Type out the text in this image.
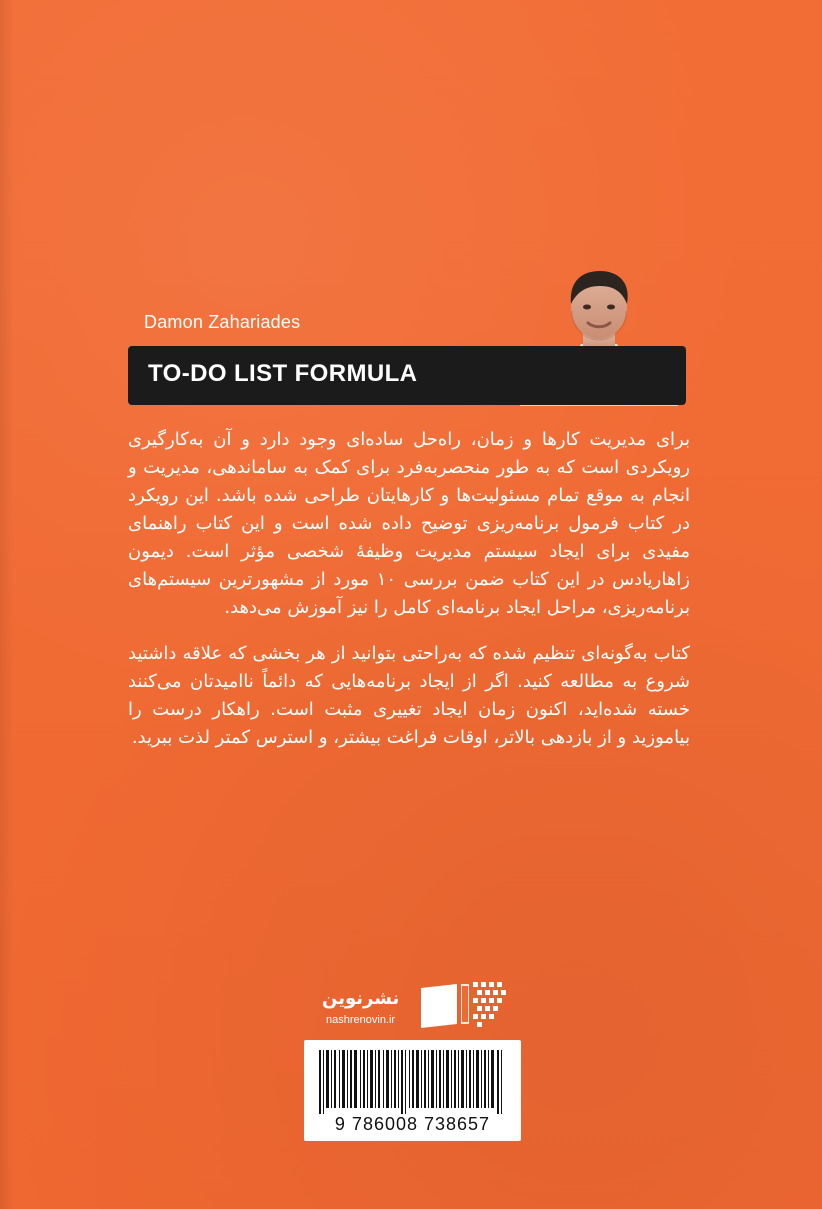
Damon Zahariades
TO-DO LIST FORMULA

برای مدیریت کارها و زمان، راه‌حل ساده‌ای وجود دارد و آن به‌کارگیری رویکردی است که به طور منحصربه‌فرد برای کمک به ساماندهی، مدیریت و انجام به موقع تمام مسئولیت‌ها و کارهایتان طراحی شده باشد. این رویکرد در کتاب فرمول برنامه‌ریزی توضیح داده شده است و این کتاب راهنمای مفیدی برای ایجاد سیستم مدیریت وظیفهٔ شخصی مؤثر است. دیمون زاهاریادس در این کتاب ضمن بررسی ۱۰ مورد از مشهورترین سیستم‌های برنامه‌ریزی، مراحل ایجاد برنامه‌ای کامل را نیز آموزش می‌دهد.

کتاب به‌گونه‌ای تنظیم شده که به‌راحتی بتوانید از هر بخشی که علاقه داشتید شروع به مطالعه کنید. اگر از ایجاد برنامه‌هایی که دائماً ناامیدتان می‌کنند خسته شده‌اید، اکنون زمان ایجاد تغییری مثبت است. راهکار درست را بیاموزید و از بازدهی بالاتر، اوقات فراغت بیشتر، و استرس کمتر لذت ببرید.

نشرنوین
nashrenovin.ir
9 786008 738657
